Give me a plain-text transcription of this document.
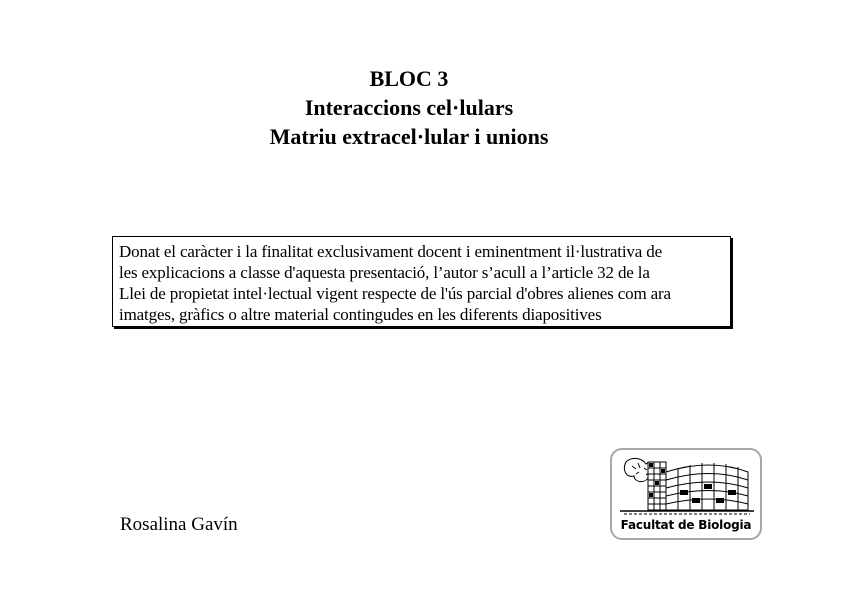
BLOC 3
Interaccions cel·lulars
Matriu extracel·lular i unions
Donat el caràcter i la finalitat exclusivament docent i eminentment il·lustrativa de
les explicacions a classe d'aquesta presentació, l’autor s’acull a l’article 32 de la
Llei de propietat intel·lectual vigent respecte de l'ús parcial d'obres alienes com ara
imatges, gràfics o altre material contingudes en les diferents diapositives
Rosalina Gavín	Facultat de Biologia
